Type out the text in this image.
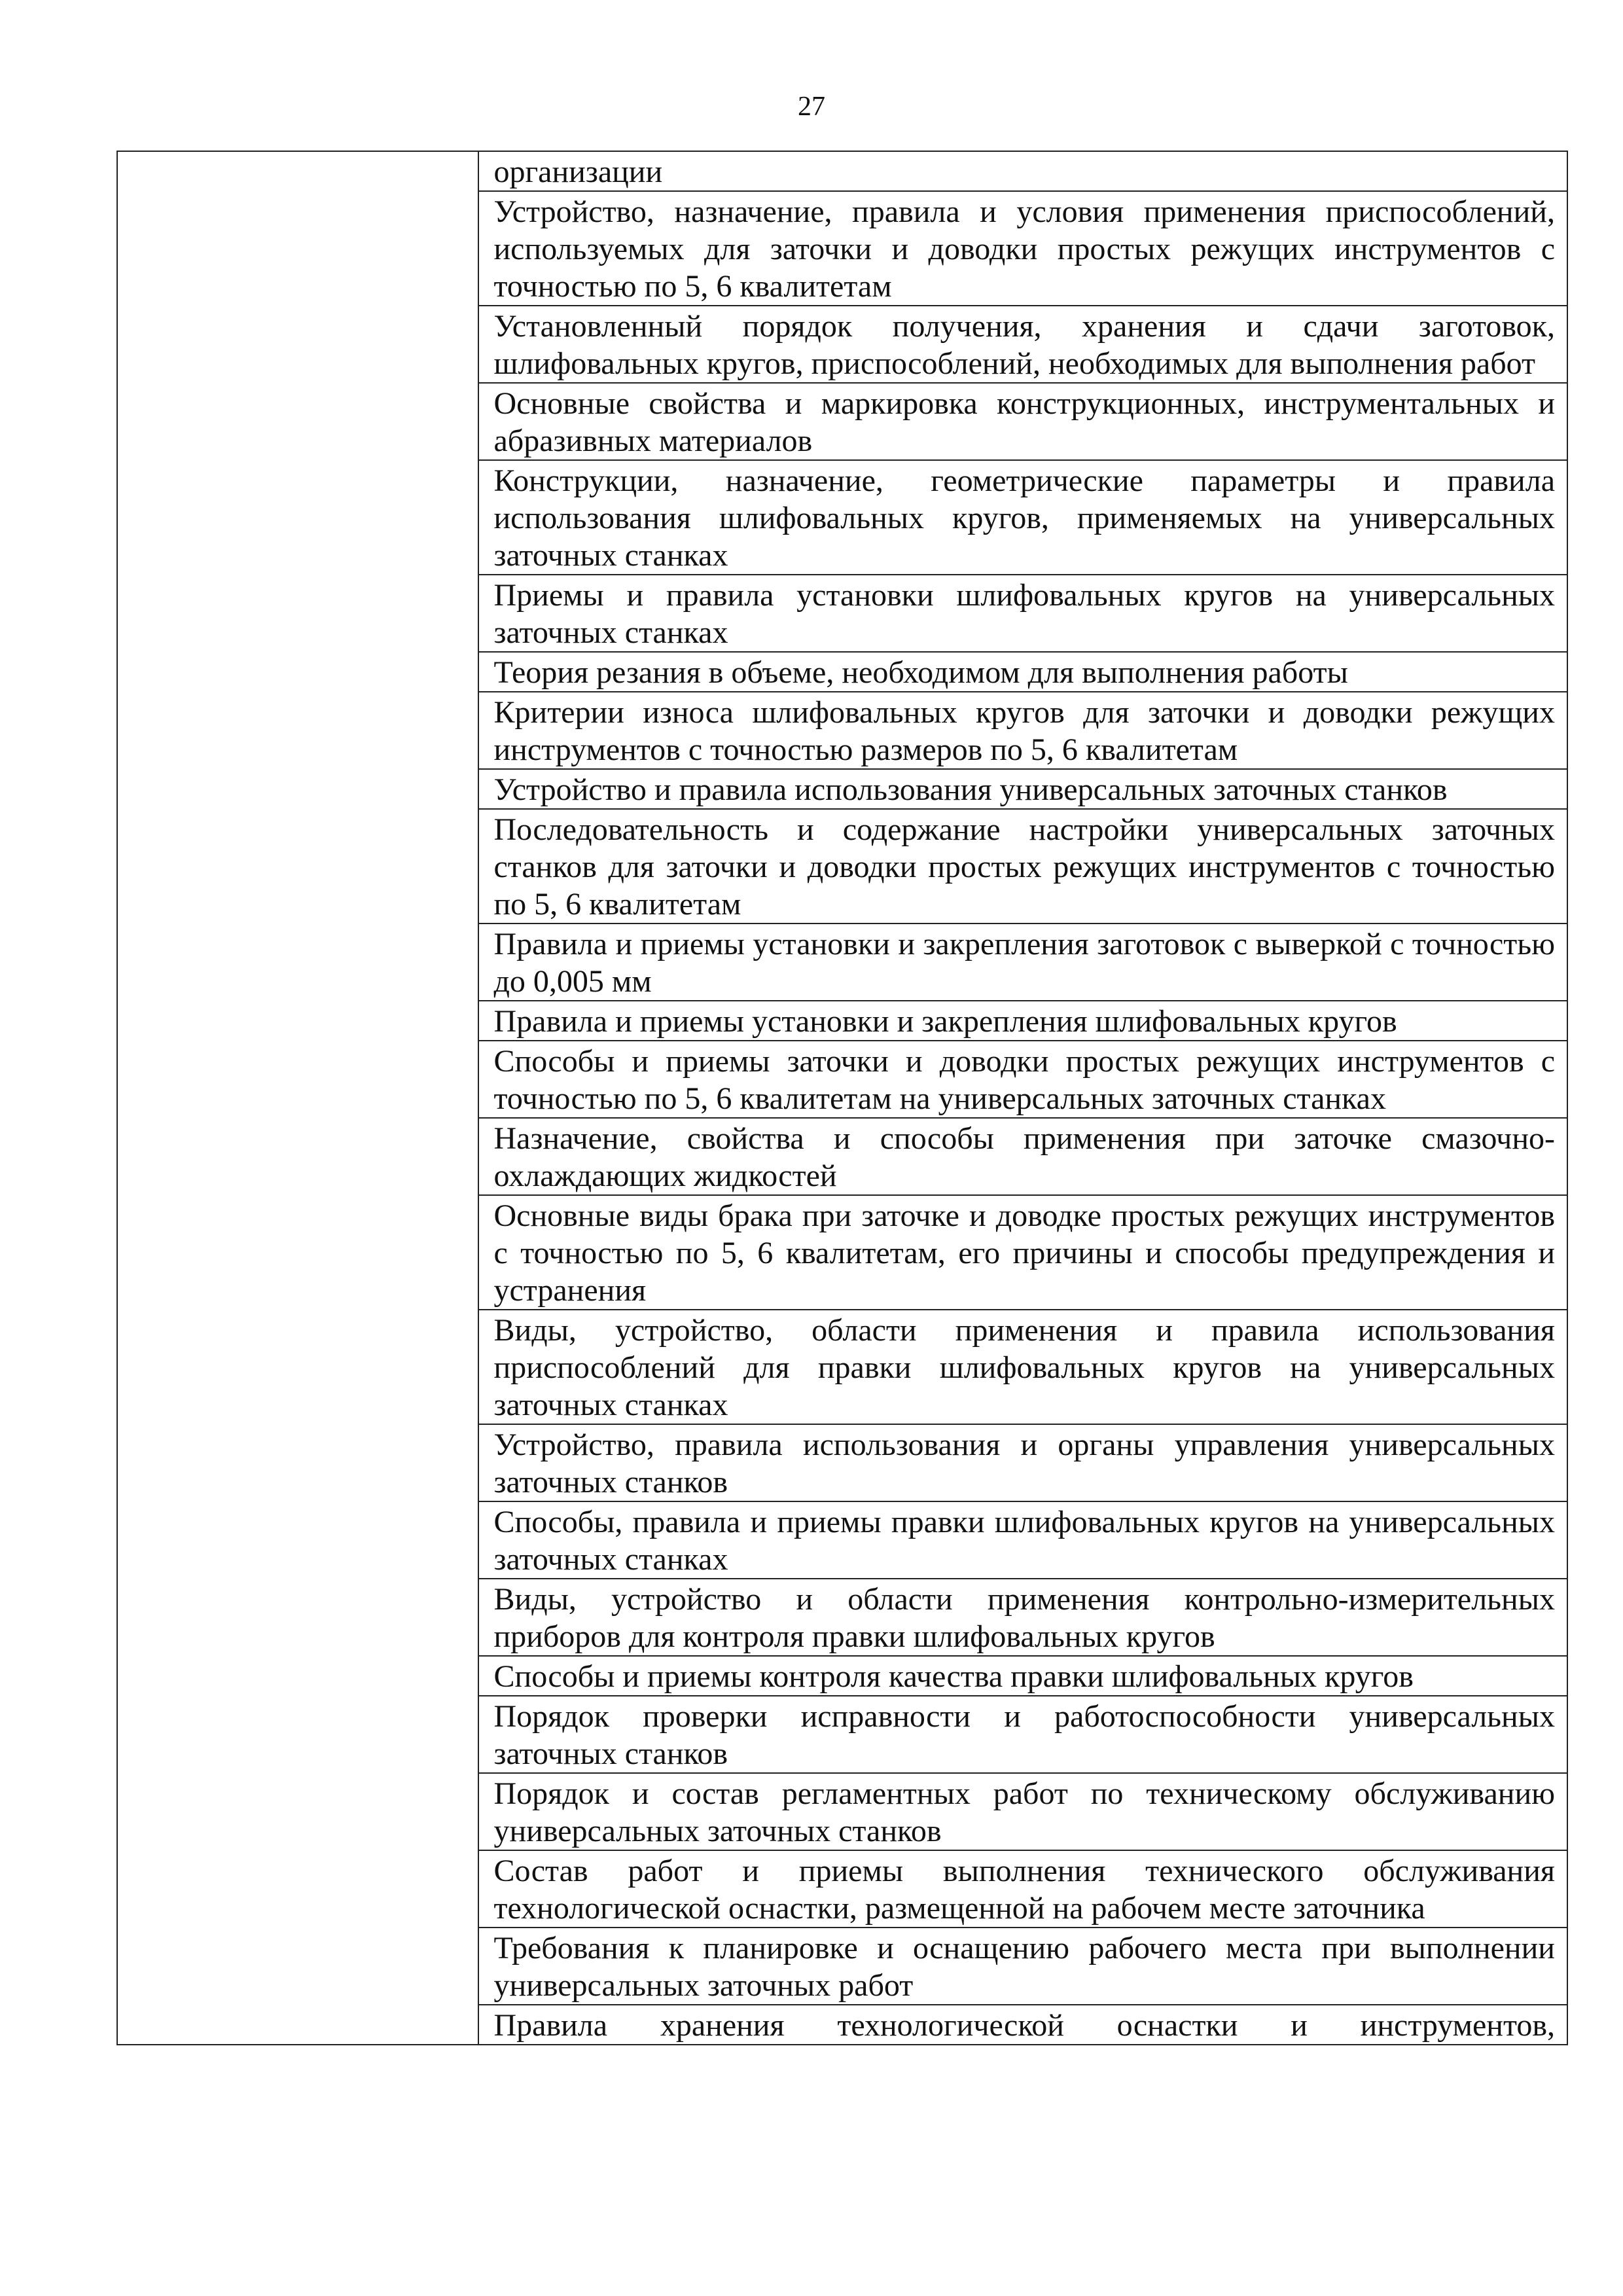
27

организации

Устройство, назначение, правила и условия применения приспособлений, используемых для заточки и доводки простых режущих инструментов с точностью по 5, 6 квалитетам

Установленный порядок получения, хранения и сдачи заготовок, шлифовальных кругов, приспособлений, необходимых для выполнения работ

Основные свойства и маркировка конструкционных, инструментальных и абразивных материалов

Конструкции, назначение, геометрические параметры и правила использования шлифовальных кругов, применяемых на универсальных заточных станках

Приемы и правила установки шлифовальных кругов на универсальных заточных станках

Теория резания в объеме, необходимом для выполнения работы

Критерии износа шлифовальных кругов для заточки и доводки режущих инструментов с точностью размеров по 5, 6 квалитетам

Устройство и правила использования универсальных заточных станков

Последовательность и содержание настройки универсальных заточных станков для заточки и доводки простых режущих инструментов с точностью по 5, 6 квалитетам

Правила и приемы установки и закрепления заготовок с выверкой с точностью до 0,005 мм

Правила и приемы установки и закрепления шлифовальных кругов

Способы и приемы заточки и доводки простых режущих инструментов с точностью по 5, 6 квалитетам на универсальных заточных станках

Назначение, свойства и способы применения при заточке смазочно-охлаждающих жидкостей

Основные виды брака при заточке и доводке простых режущих инструментов с точностью по 5, 6 квалитетам, его причины и способы предупреждения и устранения

Виды, устройство, области применения и правила использования приспособлений для правки шлифовальных кругов на универсальных заточных станках

Устройство, правила использования и органы управления универсальных заточных станков

Способы, правила и приемы правки шлифовальных кругов на универсальных заточных станках

Виды, устройство и области применения контрольно-измерительных приборов для контроля правки шлифовальных кругов

Способы и приемы контроля качества правки шлифовальных кругов

Порядок проверки исправности и работоспособности универсальных заточных станков

Порядок и состав регламентных работ по техническому обслуживанию универсальных заточных станков

Состав работ и приемы выполнения технического обслуживания технологической оснастки, размещенной на рабочем месте заточника

Требования к планировке и оснащению рабочего места при выполнении универсальных заточных работ

Правила хранения технологической оснастки и инструментов,
